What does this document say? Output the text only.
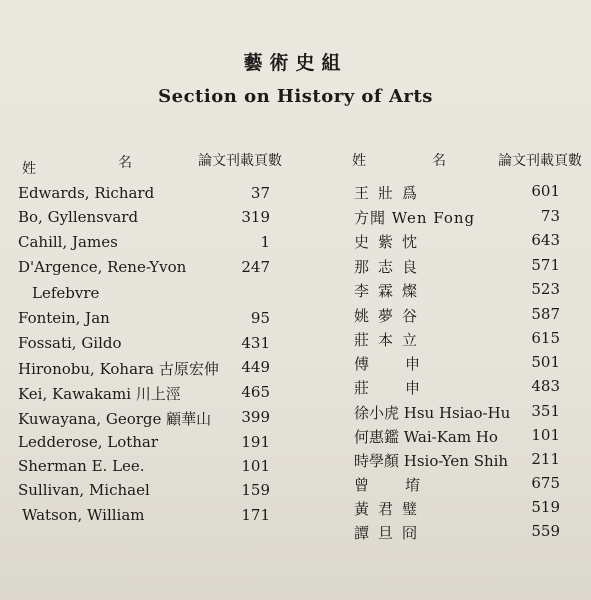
藝術史組
Section on History of Arts
姓	名	論文刊載頁數	姓	名	論文刊載頁數
Edwards, Richard	37
Bo, Gyllensvard	319
Cahill, James	1
D'Argence, Rene-Yvon	247
Lefebvre
Fontein, Jan	95
Fossati, Gildo	431
Hironobu, Kohara 古原宏伸	449
Kei, Kawakami 川上涇	465
Kuwayana, George 顧華山	399
Ledderose, Lothar	191
Sherman E. Lee.	101
Sullivan, Michael	159
Watson, William	171
王壯爲	601
方聞 Wen Fong	73
史紫忱	643
那志良	571
李霖燦	523
姚夢谷	587
莊本立	615
傅申	501
莊申	483
徐小虎 Hsu Hsiao-Hu	351
何惠鑑 Wai-Kam Ho	101
時學顏 Hsio-Yen Shih	211
曾堉	675
黃君璧	519
譚旦冏	559
